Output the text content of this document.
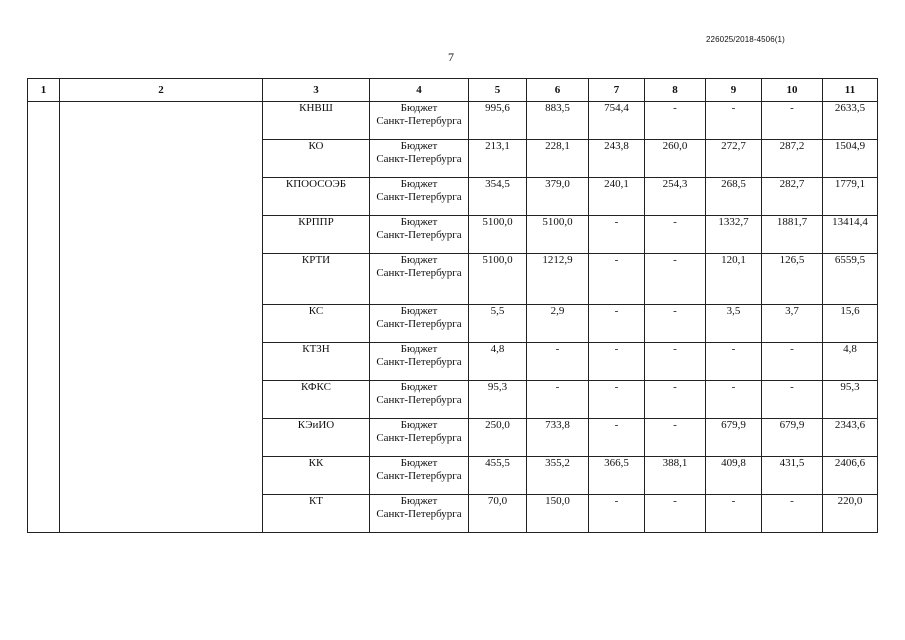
226025/2018-4506(1)
7
1	2	3	4	5	6	7	8	9	10	11
		КНВШ	Бюджет
Санкт-Петербурга	995,6	883,5	754,4	-	-	-	2633,5
		КО	Бюджет
Санкт-Петербурга	213,1	228,1	243,8	260,0	272,7	287,2	1504,9
		КПООСОЭБ	Бюджет
Санкт-Петербурга	354,5	379,0	240,1	254,3	268,5	282,7	1779,1
		КРППР	Бюджет
Санкт-Петербурга	5100,0	5100,0	-	-	1332,7	1881,7	13414,4
		КРТИ	Бюджет
Санкт-Петербурга	5100,0	1212,9	-	-	120,1	126,5	6559,5
		КС	Бюджет
Санкт-Петербурга	5,5	2,9	-	-	3,5	3,7	15,6
		КТЗН	Бюджет
Санкт-Петербурга	4,8	-	-	-	-	-	4,8
		КФКС	Бюджет
Санкт-Петербурга	95,3	-	-	-	-	-	95,3
		КЭиИО	Бюджет
Санкт-Петербурга	250,0	733,8	-	-	679,9	679,9	2343,6
		КК	Бюджет
Санкт-Петербурга	455,5	355,2	366,5	388,1	409,8	431,5	2406,6
		КТ	Бюджет
Санкт-Петербурга	70,0	150,0	-	-	-	-	220,0
